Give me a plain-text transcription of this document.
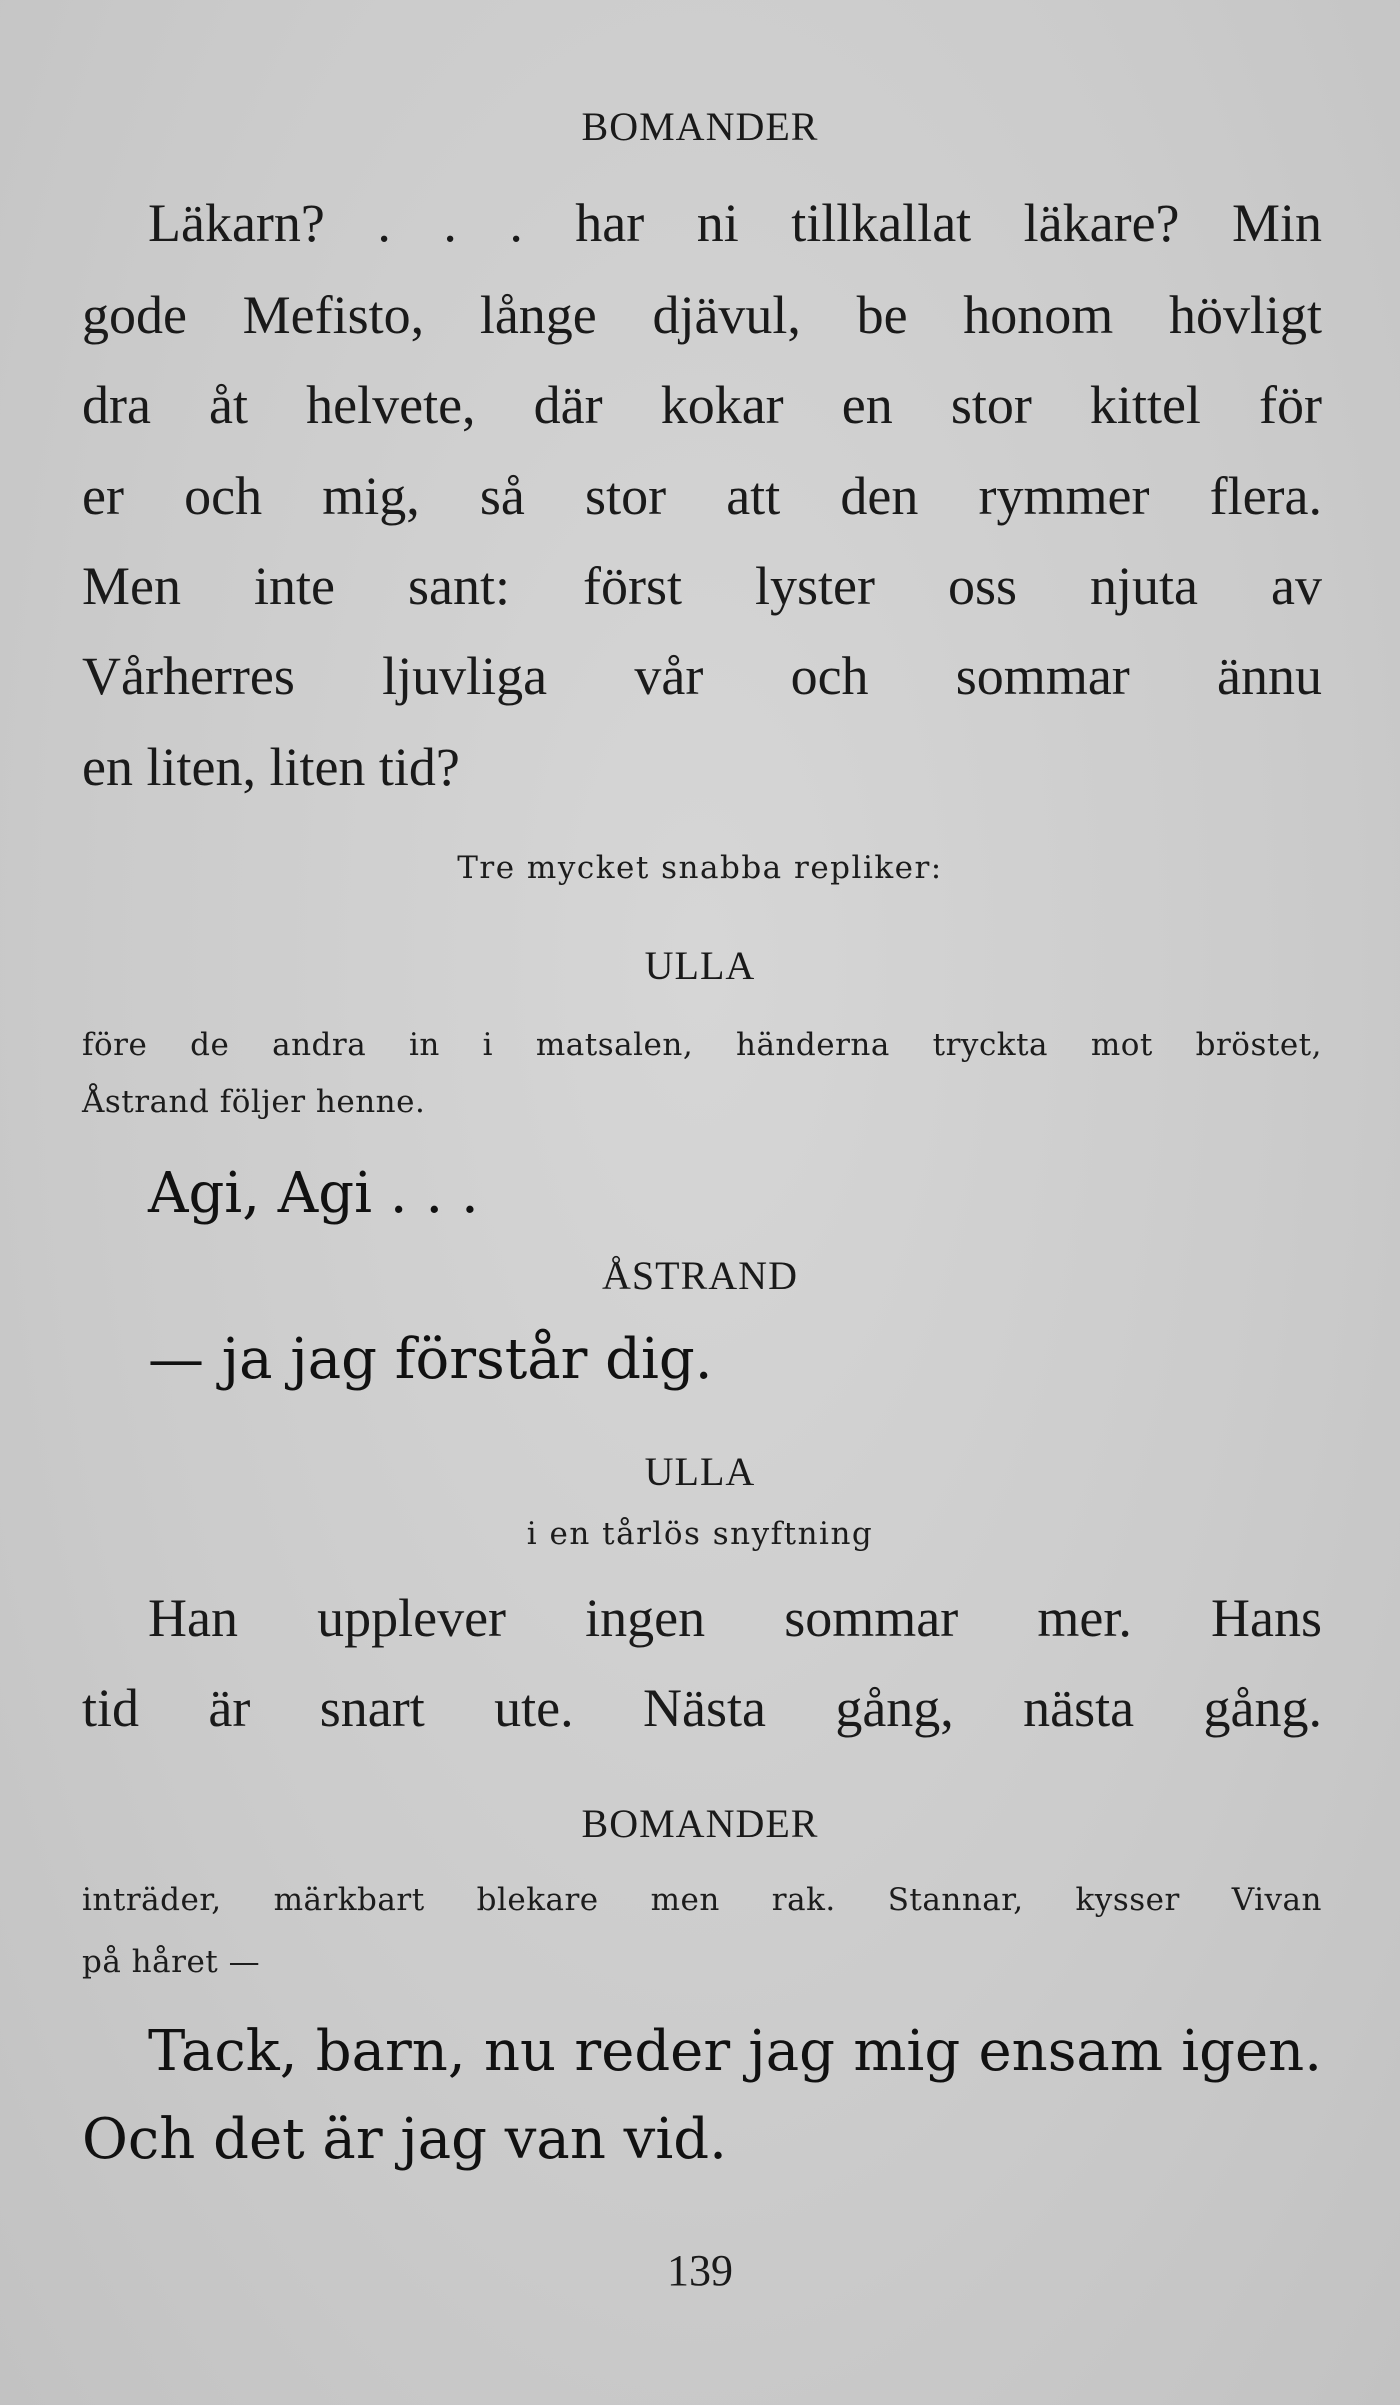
BOMANDER
Läkarn? . . . har ni tillkallat läkare? Min
gode Mefisto, långe djävul, be honom hövligt
dra åt helvete, där kokar en stor kittel för
er och mig, så stor att den rymmer flera.
Men inte sant: först lyster oss njuta av
Vårherres ljuvliga vår och sommar ännu
en liten, liten tid?
Tre mycket snabba repliker:
ULLA
före de andra in i matsalen, händerna tryckta mot bröstet,
Åstrand följer henne.
Agi, Agi . . .
ÅSTRAND
— ja jag förstår dig.
ULLA
i en tårlös snyftning
Han upplever ingen sommar mer. Hans
tid är snart ute. Nästa gång, nästa gång.
BOMANDER
inträder, märkbart blekare men rak. Stannar, kysser Vivan
på håret —
Tack, barn, nu reder jag mig ensam igen.
Och det är jag van vid.
139
